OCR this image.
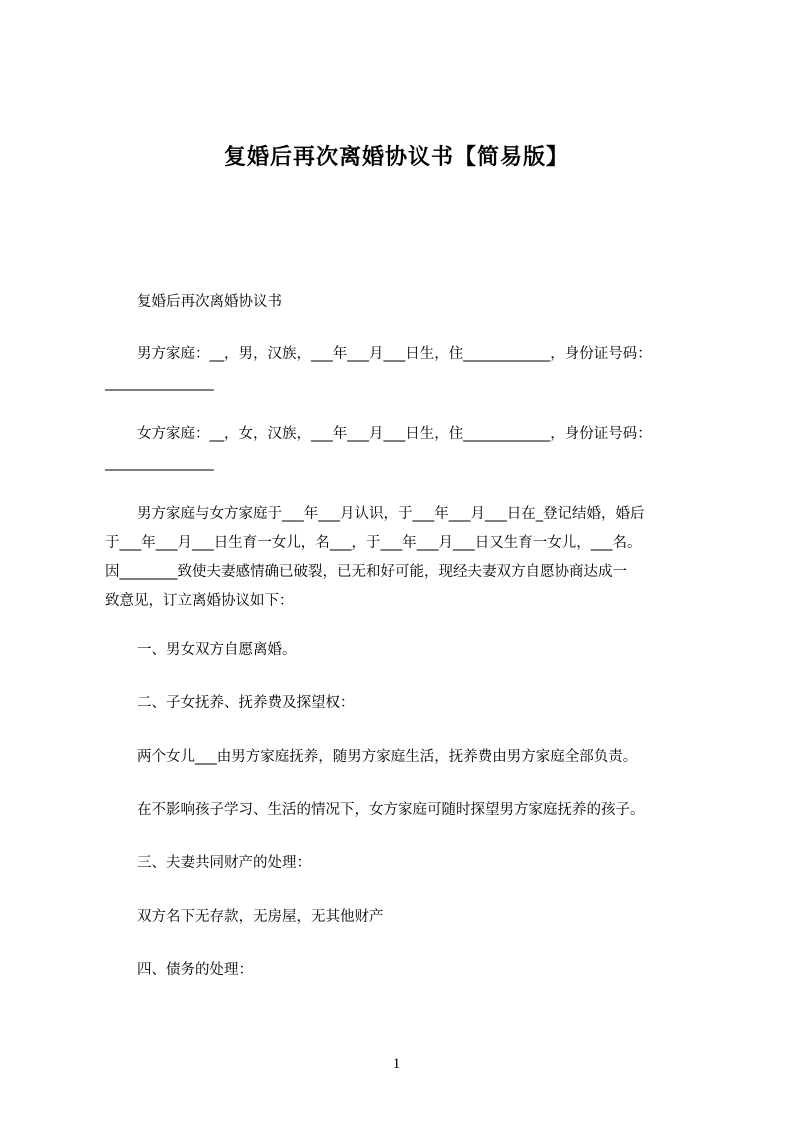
复婚后再次离婚协议书【简易版】

复婚后再次离婚协议书

男方家庭：__，男，汉族，___年___月___日生，住____________，身份证号码：
_______________
女方家庭：__，女，汉族，___年___月___日生，住____________，身份证号码：
_______________
男方家庭与女方家庭于___年___月认识，于___年___月___日在_登记结婚，婚后
于___年___月___日生育一女儿，名___，于___年___月___日又生育一女儿，___名。
因________致使夫妻感情确已破裂，已无和好可能，现经夫妻双方自愿协商达成一
致意见，订立离婚协议如下：

一、男女双方自愿离婚。

二、子女抚养、抚养费及探望权：

两个女儿___由男方家庭抚养，随男方家庭生活，抚养费由男方家庭全部负责。

在不影响孩子学习、生活的情况下，女方家庭可随时探望男方家庭抚养的孩子。

三、夫妻共同财产的处理：

双方名下无存款，无房屋，无其他财产

四、债务的处理：

1
